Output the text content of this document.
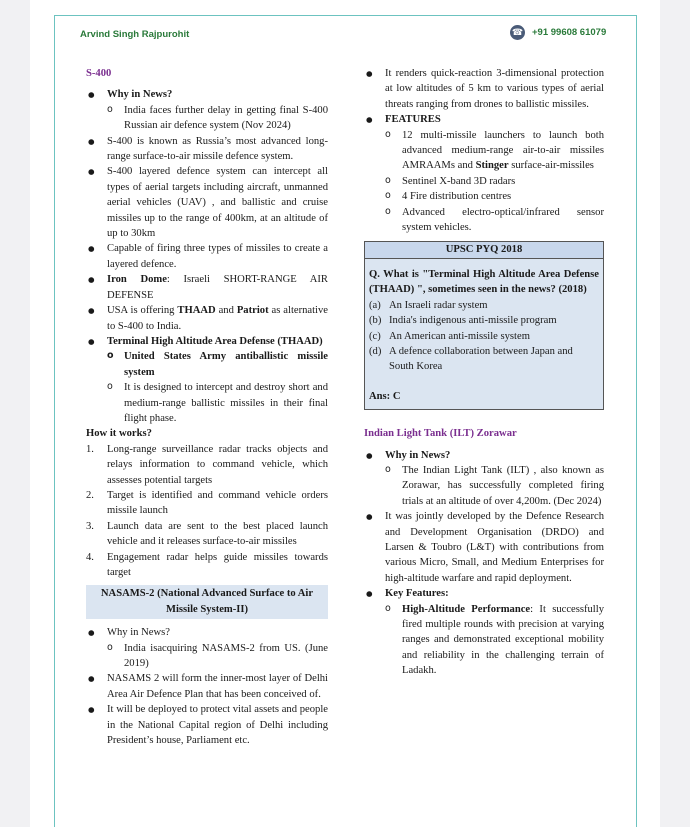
Arvind Singh Rajpurohit	☎ +91 99608 61079
S-400
● Why in News?
o India faces further delay in getting final S-400 Russian air defence system (Nov 2024)
● S-400 is known as Russia’s most advanced long-range surface-to-air missile defence system.
● S-400 layered defence system can intercept all types of aerial targets including aircraft, unmanned aerial vehicles (UAV) , and ballistic and cruise missiles up to the range of 400km, at an altitude of up to 30km
● Capable of firing three types of missiles to create a layered defence.
● Iron Dome: Israeli SHORT-RANGE AIR DEFENSE
● USA is offering THAAD and Patriot as alternative to S-400 to India.
● Terminal High Altitude Area Defense (THAAD)
o United States Army antiballistic missile system
o It is designed to intercept and destroy short and medium-range ballistic missiles in their final flight phase.
How it works?
1. Long-range surveillance radar tracks objects and relays information to command vehicle, which assesses potential targets
2. Target is identified and command vehicle orders missile launch
3. Launch data are sent to the best placed launch vehicle and it releases surface-to-air missiles
4. Engagement radar helps guide missiles towards target
NASAMS-2 (National Advanced Surface to Air Missile System-II)
● Why in News?
o India isacquiring NASAMS-2 from US. (June 2019)
● NASAMS 2 will form the inner-most layer of Delhi Area Air Defence Plan that has been conceived of.
● It will be deployed to protect vital assets and people in the National Capital region of Delhi including President’s house, Parliament etc.
● It renders quick-reaction 3-dimensional protection at low altitudes of 5 km to various types of aerial threats ranging from drones to ballistic missiles.
● FEATURES
o 12 multi-missile launchers to launch both advanced medium-range air-to-air missiles AMRAAMs and Stinger surface-air-missiles
o Sentinel X-band 3D radars
o 4 Fire distribution centres
o Advanced electro-optical/infrared sensor system vehicles.
UPSC PYQ 2018
Q. What is "Terminal High Altitude Area Defense (THAAD) ", sometimes seen in the news? (2018)
(a) An Israeli radar system
(b) India's indigenous anti-missile program
(c) An American anti-missile system
(d) A defence collaboration between Japan and South Korea
Ans: C
Indian Light Tank (ILT) Zorawar
● Why in News?
o The Indian Light Tank (ILT) , also known as Zorawar, has successfully completed firing trials at an altitude of over 4,200m. (Dec 2024)
● It was jointly developed by the Defence Research and Development Organisation (DRDO) and Larsen & Toubro (L&T) with contributions from various Micro, Small, and Medium Enterprises for high-altitude warfare and rapid deployment.
● Key Features:
o High-Altitude Performance: It successfully fired multiple rounds with precision at varying ranges and demonstrated exceptional mobility and reliability in the challenging terrain of Ladakh.
